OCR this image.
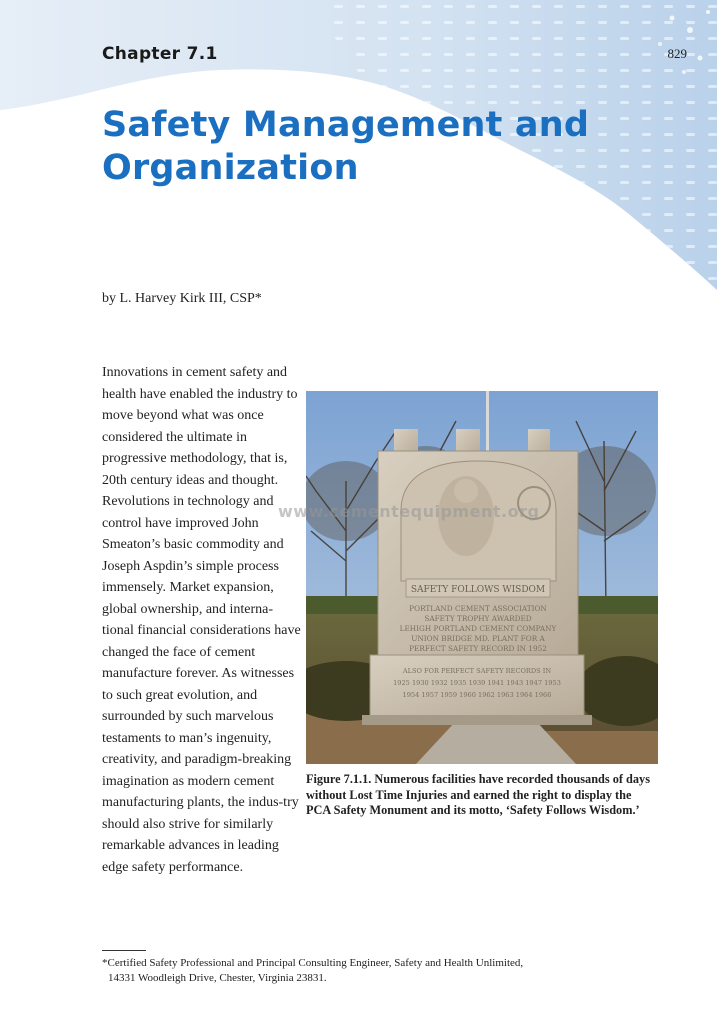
Chapter 7.1	829
Safety Management and
Organization
by L. Harvey Kirk III, CSP*

Innovations in cement safety and health have enabled the industry to move beyond what was once considered the ultimate in progressive methodology, that is, 20th century ideas and thought. Revolutions in technology and control have improved John Smeaton’s basic commodity and Joseph Aspdin’s simple process immensely. Market expansion, global ownership, and interna-tional financial considerations have changed the face of cement manufacture forever. As witnesses to such great evolution, and surrounded by such marvelous testaments to man’s ingenuity, creativity, and paradigm-breaking imagination as modern cement manufacturing plants, the indus-try should also strive for similarly remarkable advances in leading edge safety performance.

SAFETY FOLLOWS WISDOM
PORTLAND CEMENT ASSOCIATION
SAFETY TROPHY AWARDED
LEHIGH PORTLAND CEMENT COMPANY
UNION BRIDGE MD. PLANT FOR A
PERFECT SAFETY RECORD IN 1952
ALSO FOR PERFECT SAFETY RECORDS IN
1925 1930 1932 1935 1939 1941 1943 1947 1953
1954 1957 1959 1960 1962 1963 1964 1966

Figure 7.1.1. Numerous facilities have recorded thousands of days without Lost Time Injuries and earned the right to display the PCA Safety Monument and its motto, ‘Safety Follows Wisdom.’

www.cementequipment.org

*Certified Safety Professional and Principal Consulting Engineer, Safety and Health Unlimited,
14331 Woodleigh Drive, Chester, Virginia 23831.
